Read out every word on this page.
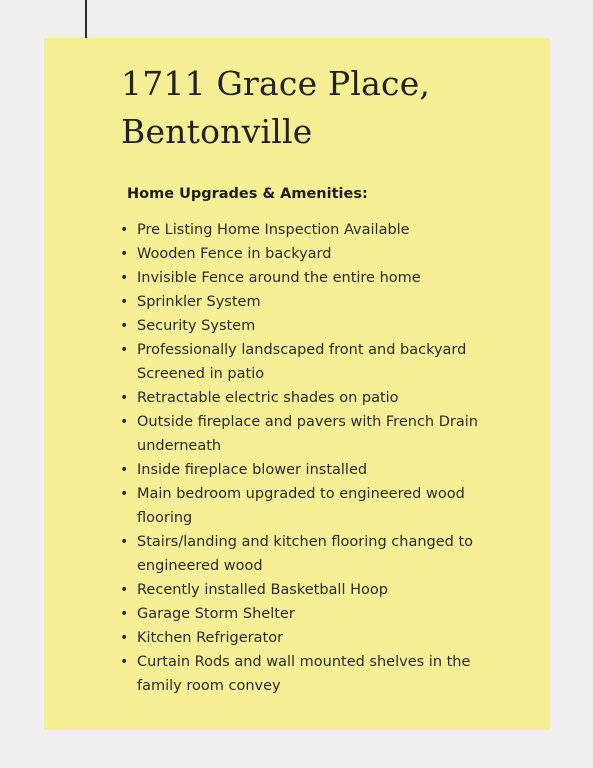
1711 Grace Place,
Bentonville
Home Upgrades & Amenities:
• Pre Listing Home Inspection Available
• Wooden Fence in backyard
• Invisible Fence around the entire home
• Sprinkler System
• Security System
• Professionally landscaped front and backyard Screened in patio
• Retractable electric shades on patio
• Outside fireplace and pavers with French Drain underneath
• Inside fireplace blower installed
• Main bedroom upgraded to engineered wood flooring
• Stairs/landing and kitchen flooring changed to engineered wood
• Recently installed Basketball Hoop
• Garage Storm Shelter
• Kitchen Refrigerator
• Curtain Rods and wall mounted shelves in the family room convey
